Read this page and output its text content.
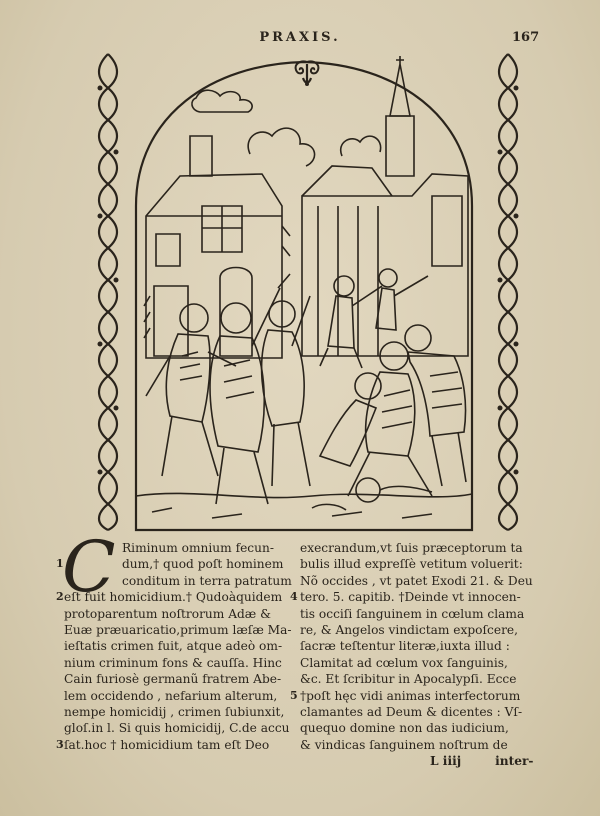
PRAXIS.	167
C Riminum omnium fecun-
1	dum,† quod poſt hominem
conditum in terra patratum
2 eſt fuit homicidium.† Qudoàquidem
protoparentum noſtrorum Adæ &
Euæ præuaricatio,primum læſæ Ma-
ieſtatis crimen fuit, atque adeò om-
nium criminum fons & cauſſa. Hinc
Cain furiosè germanũ fratrem Abe-
lem occidendo , nefarium alterum,
nempe homicidij , crimen ſubiunxit,
gloſ.in l. Si quis homicidij, C.de accu
3 ſat.hoc † homicidium tam eſt Deo
execrandum,vt ſuis præceptorum ta
bulis illud expreſſè vetitum voluerit:
Nõ occides , vt patet Exodi 21. & Deu
4 tero. 5. capitib. †Deinde vt innocen-
tis occiſi ſanguinem in cœlum clama
re, & Angelos vindictam expoſcere,
ſacræ teſtentur literæ,iuxta illud :
Clamitat ad cœlum vox ſanguinis,
&c. Et ſcribitur in Apocalypſi. Ecce
5 †poſt hęc vidi animas interfectorum
clamantes ad Deum & dicentes : Vſ-
quequo domine non das iudicium,
& vindicas ſanguinem noſtrum de
L iiij	inter-
